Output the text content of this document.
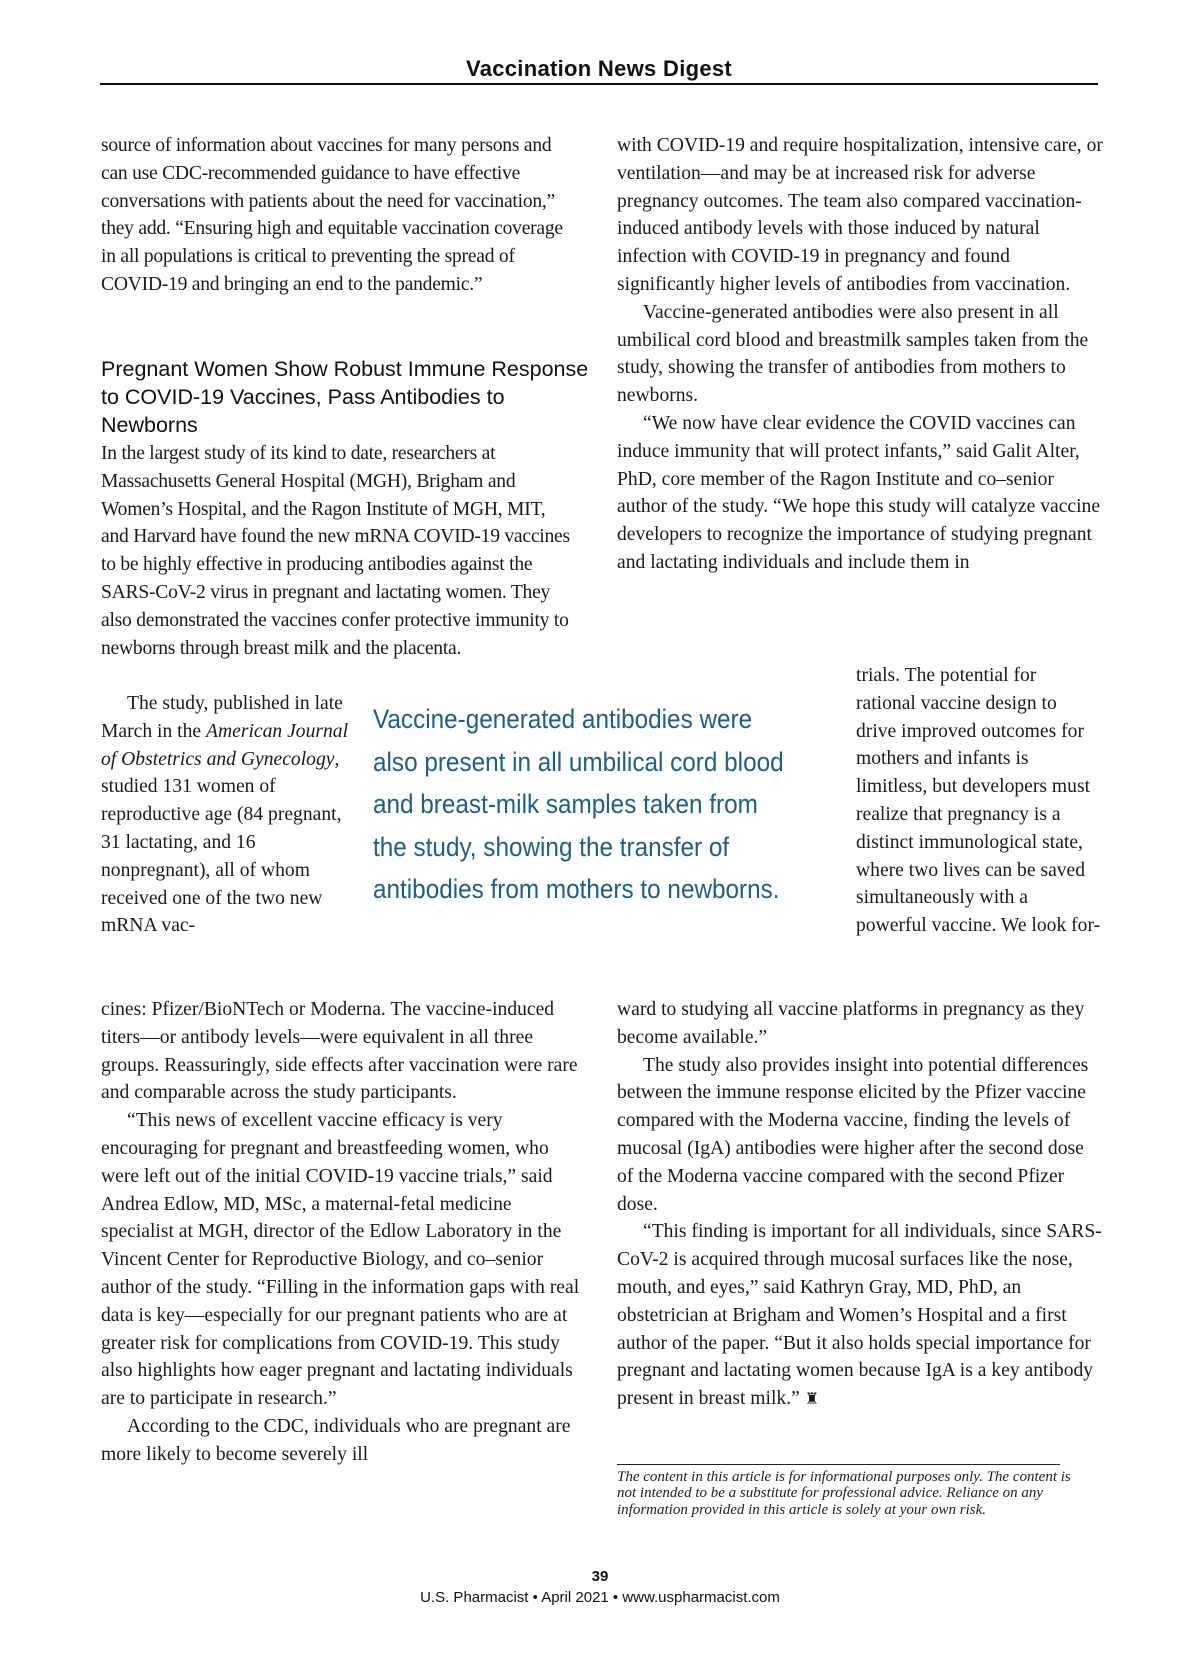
Vaccination News Digest

source of information about vaccines for many persons and can use CDC-recommended guidance to have effective conversations with patients about the need for vaccination,” they add. “Ensuring high and equitable vaccination coverage in all populations is critical to preventing the spread of COVID-19 and bringing an end to the pandemic.”

Pregnant Women Show Robust Immune Response to COVID-19 Vaccines, Pass Antibodies to Newborns

In the largest study of its kind to date, researchers at Massachusetts General Hospital (MGH), Brigham and Women’s Hospital, and the Ragon Institute of MGH, MIT, and Harvard have found the new mRNA COVID-19 vaccines to be highly effective in producing antibodies against the SARS-CoV-2 virus in pregnant and lactating women. They also demonstrated the vaccines confer protective immunity to newborns through breast milk and the placenta.

The study, published in late March in the American Journal of Obstetrics and Gynecology, studied 131 women of reproductive age (84 pregnant, 31 lactating, and 16 nonpregnant), all of whom received one of the two new mRNA vac-

cines: Pfizer/BioNTech or Moderna. The vaccine-induced titers—or antibody levels—were equivalent in all three groups. Reassuringly, side effects after vaccination were rare and comparable across the study participants.

“This news of excellent vaccine efficacy is very encouraging for pregnant and breastfeeding women, who were left out of the initial COVID-19 vaccine trials,” said Andrea Edlow, MD, MSc, a maternal-fetal medicine specialist at MGH, director of the Edlow Laboratory in the Vincent Center for Reproductive Biology, and co–senior author of the study. “Filling in the information gaps with real data is key—especially for our pregnant patients who are at greater risk for complications from COVID-19. This study also highlights how eager pregnant and lactating individuals are to participate in research.”

According to the CDC, individuals who are pregnant are more likely to become severely ill

Vaccine-generated antibodies were also present in all umbilical cord blood and breast-milk samples taken from the study, showing the transfer of antibodies from mothers to newborns.

with COVID-19 and require hospitalization, intensive care, or ventilation—and may be at increased risk for adverse pregnancy outcomes. The team also compared vaccination-induced antibody levels with those induced by natural infection with COVID-19 in pregnancy and found significantly higher levels of antibodies from vaccination.

Vaccine-generated antibodies were also present in all umbilical cord blood and breastmilk samples taken from the study, showing the transfer of antibodies from mothers to newborns.

“We now have clear evidence the COVID vaccines can induce immunity that will protect infants,” said Galit Alter, PhD, core member of the Ragon Institute and co–senior author of the study. “We hope this study will catalyze vaccine developers to recognize the importance of studying pregnant and lactating individuals and include them in

trials. The potential for rational vaccine design to drive improved outcomes for mothers and infants is limitless, but developers must realize that pregnancy is a distinct immunological state, where two lives can be saved simultaneously with a powerful vaccine. We look for-

ward to studying all vaccine platforms in pregnancy as they become available.”

The study also provides insight into potential differences between the immune response elicited by the Pfizer vaccine compared with the Moderna vaccine, finding the levels of mucosal (IgA) antibodies were higher after the second dose of the Moderna vaccine compared with the second Pfizer dose.

“This finding is important for all individuals, since SARS-CoV-2 is acquired through mucosal surfaces like the nose, mouth, and eyes,” said Kathryn Gray, MD, PhD, an obstetrician at Brigham and Women’s Hospital and a first author of the paper. “But it also holds special importance for pregnant and lactating women because IgA is a key antibody present in breast milk.” ♜

The content in this article is for informational purposes only. The content is not intended to be a substitute for professional advice. Reliance on any information provided in this article is solely at your own risk.
39
U.S. Pharmacist • April 2021 • www.uspharmacist.com
